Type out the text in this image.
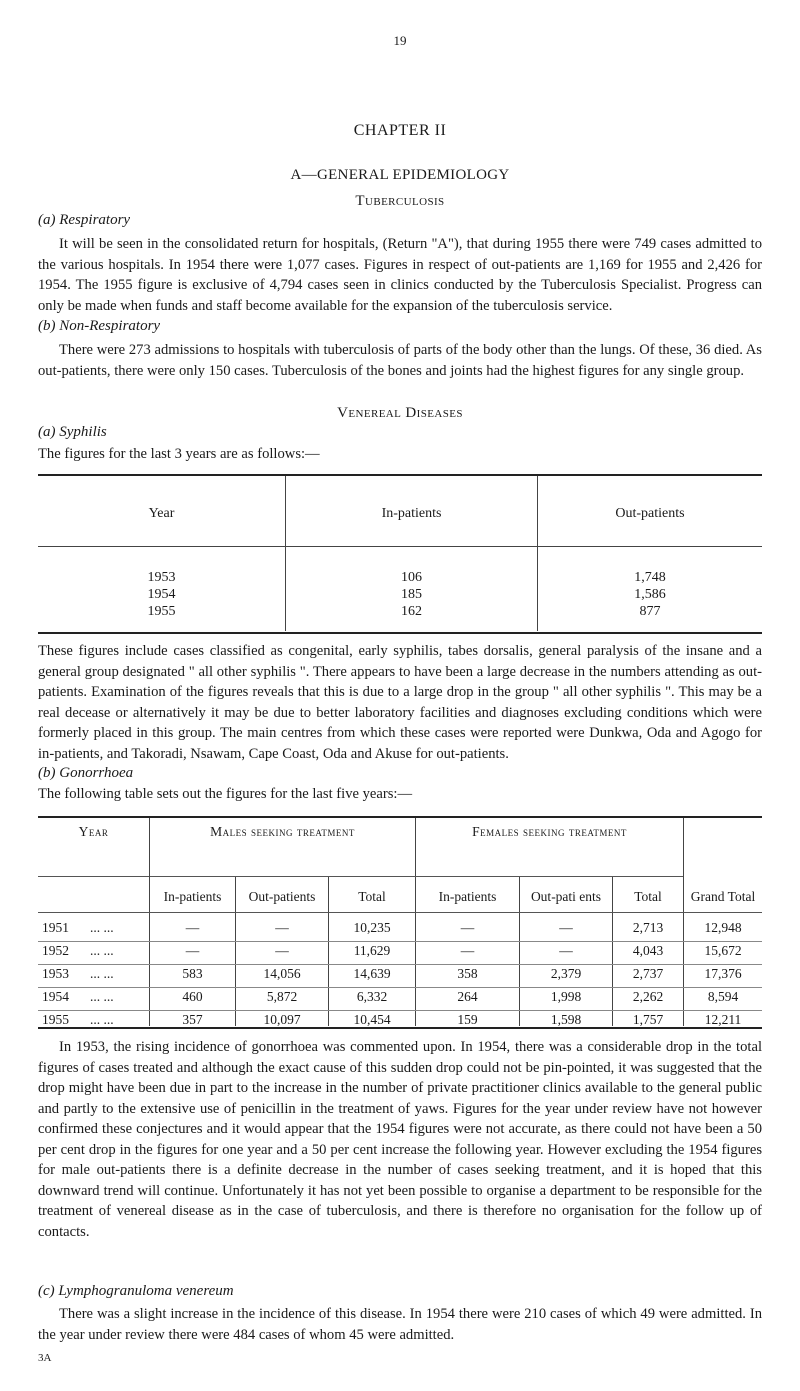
19
CHAPTER II
A—GENERAL EPIDEMIOLOGY
Tuberculosis
(a) Respiratory
It will be seen in the consolidated return for hospitals, (Return "A"), that during 1955 there were 749 cases admitted to the various hospitals. In 1954 there were 1,077 cases. Figures in respect of out-patients are 1,169 for 1955 and 2,426 for 1954. The 1955 figure is exclusive of 4,794 cases seen in clinics conducted by the Tuberculosis Specialist. Progress can only be made when funds and staff become available for the expansion of the tuberculosis service.
(b) Non-Respiratory
There were 273 admissions to hospitals with tuberculosis of parts of the body other than the lungs. Of these, 36 died. As out-patients, there were only 150 cases. Tuberculosis of the bones and joints had the highest figures for any single group.
Venereal Diseases
(a) Syphilis
The figures for the last 3 years are as follows:—
Year	In-patients	Out-patients
1953	106	1,748
1954	185	1,586
1955	162	877
These figures include cases classified as congenital, early syphilis, tabes dorsalis, general paralysis of the insane and a general group designated " all other syphilis ". There appears to have been a large decrease in the numbers attending as out-patients. Examination of the figures reveals that this is due to a large drop in the group " all other syphilis ". This may be a real decease or alternatively it may be due to better laboratory facilities and diagnoses excluding conditions which were formerly placed in this group. The main centres from which these cases were reported were Dunkwa, Oda and Agogo for in-patients, and Takoradi, Nsawam, Cape Coast, Oda and Akuse for out-patients.
(b) Gonorrhoea
The following table sets out the figures for the last five years:—
Year	Males seeking treatment	Females seeking treatment
In-patients	Out-patients	Total	In-patients	Out-pati ents	Total	Grand Total
1951 ... ...	—	—	10,235	—	—	2,713	12,948
1952 ... ...	—	—	11,629	—	—	4,043	15,672
1953 ... ...	583	14,056	14,639	358	2,379	2,737	17,376
1954 ... ...	460	5,872	6,332	264	1,998	2,262	8,594
1955 ... ...	357	10,097	10,454	159	1,598	1,757	12,211
In 1953, the rising incidence of gonorrhoea was commented upon. In 1954, there was a considerable drop in the total figures of cases treated and although the exact cause of this sudden drop could not be pin-pointed, it was suggested that the drop might have been due in part to the increase in the number of private practitioner clinics available to the general public and partly to the extensive use of penicillin in the treatment of yaws. Figures for the year under review have not however confirmed these conjectures and it would appear that the 1954 figures were not accurate, as there could not have been a 50 per cent drop in the figures for one year and a 50 per cent increase the following year. However excluding the 1954 figures for male out-patients there is a definite decrease in the number of cases seeking treatment, and it is hoped that this downward trend will continue. Unfortunately it has not yet been possible to organise a department to be responsible for the treatment of venereal disease as in the case of tuberculosis, and there is therefore no organisation for the follow up of contacts.
(c) Lymphogranuloma venereum
There was a slight increase in the incidence of this disease. In 1954 there were 210 cases of which 49 were admitted. In the year under review there were 484 cases of whom 45 were admitted.
3A
